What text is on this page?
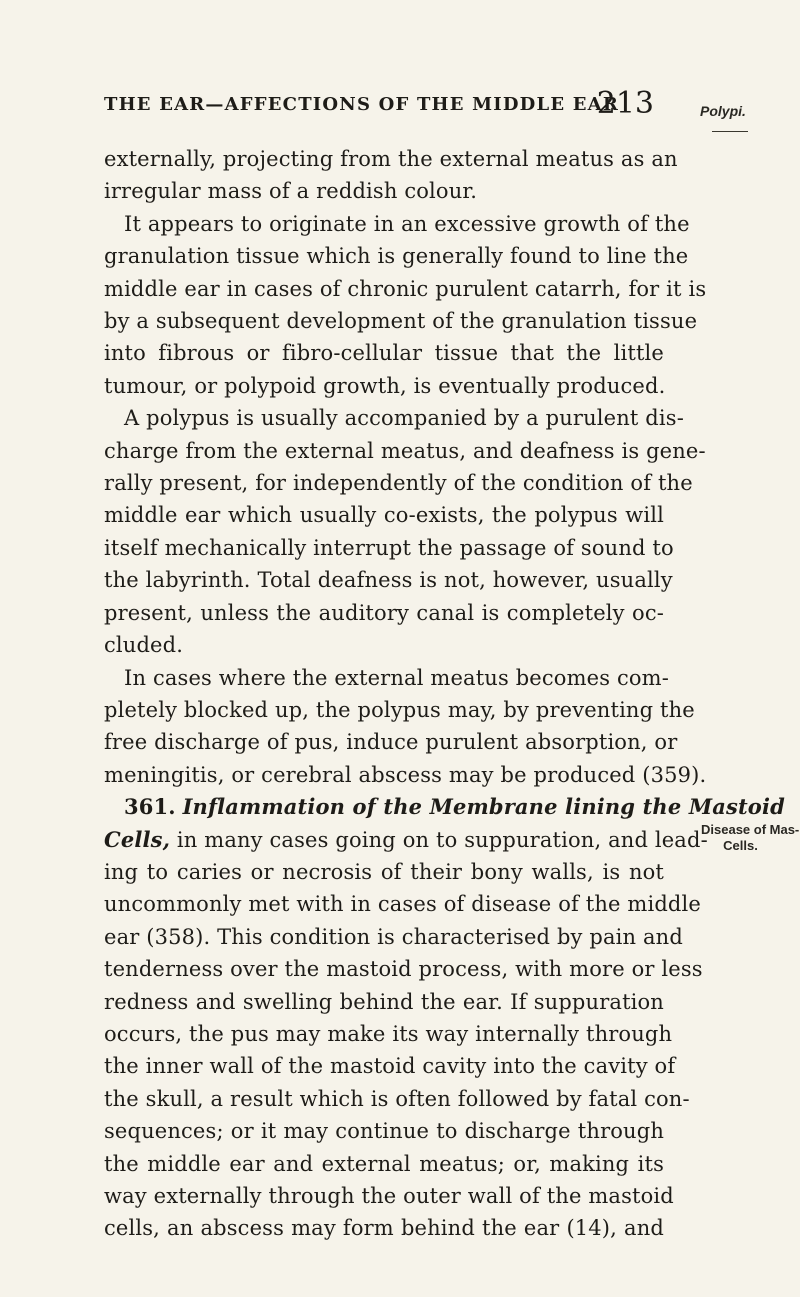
THE EAR—AFFECTIONS OF THE MIDDLE EAR
213	Polypi.
Disease of Mas-
Cells.

externally, projecting from the external meatus as an
irregular mass of a reddish colour.

It appears to originate in an excessive growth of the
granulation tissue which is generally found to line the
middle ear in cases of chronic purulent catarrh, for it is
by a subsequent development of the granulation tissue
into fibrous or fibro-cellular tissue that the little
tumour, or polypoid growth, is eventually produced.

A polypus is usually accompanied by a purulent dis-
charge from the external meatus, and deafness is gene-
rally present, for independently of the condition of the
middle ear which usually co-exists, the polypus will
itself mechanically interrupt the passage of sound to
the labyrinth. Total deafness is not, however, usually
present, unless the auditory canal is completely oc-
cluded.

In cases where the external meatus becomes com-
pletely blocked up, the polypus may, by preventing the
free discharge of pus, induce purulent absorption, or
meningitis, or cerebral abscess may be produced (359).

361. Inflammation of the Membrane lining the Mastoid
Cells, in many cases going on to suppuration, and lead-
ing to caries or necrosis of their bony walls, is not
uncommonly met with in cases of disease of the middle
ear (358). This condition is characterised by pain and
tenderness over the mastoid process, with more or less
redness and swelling behind the ear. If suppuration
occurs, the pus may make its way internally through
the inner wall of the mastoid cavity into the cavity of
the skull, a result which is often followed by fatal con-
sequences; or it may continue to discharge through
the middle ear and external meatus; or, making its
way externally through the outer wall of the mastoid
cells, an abscess may form behind the ear (14), and
